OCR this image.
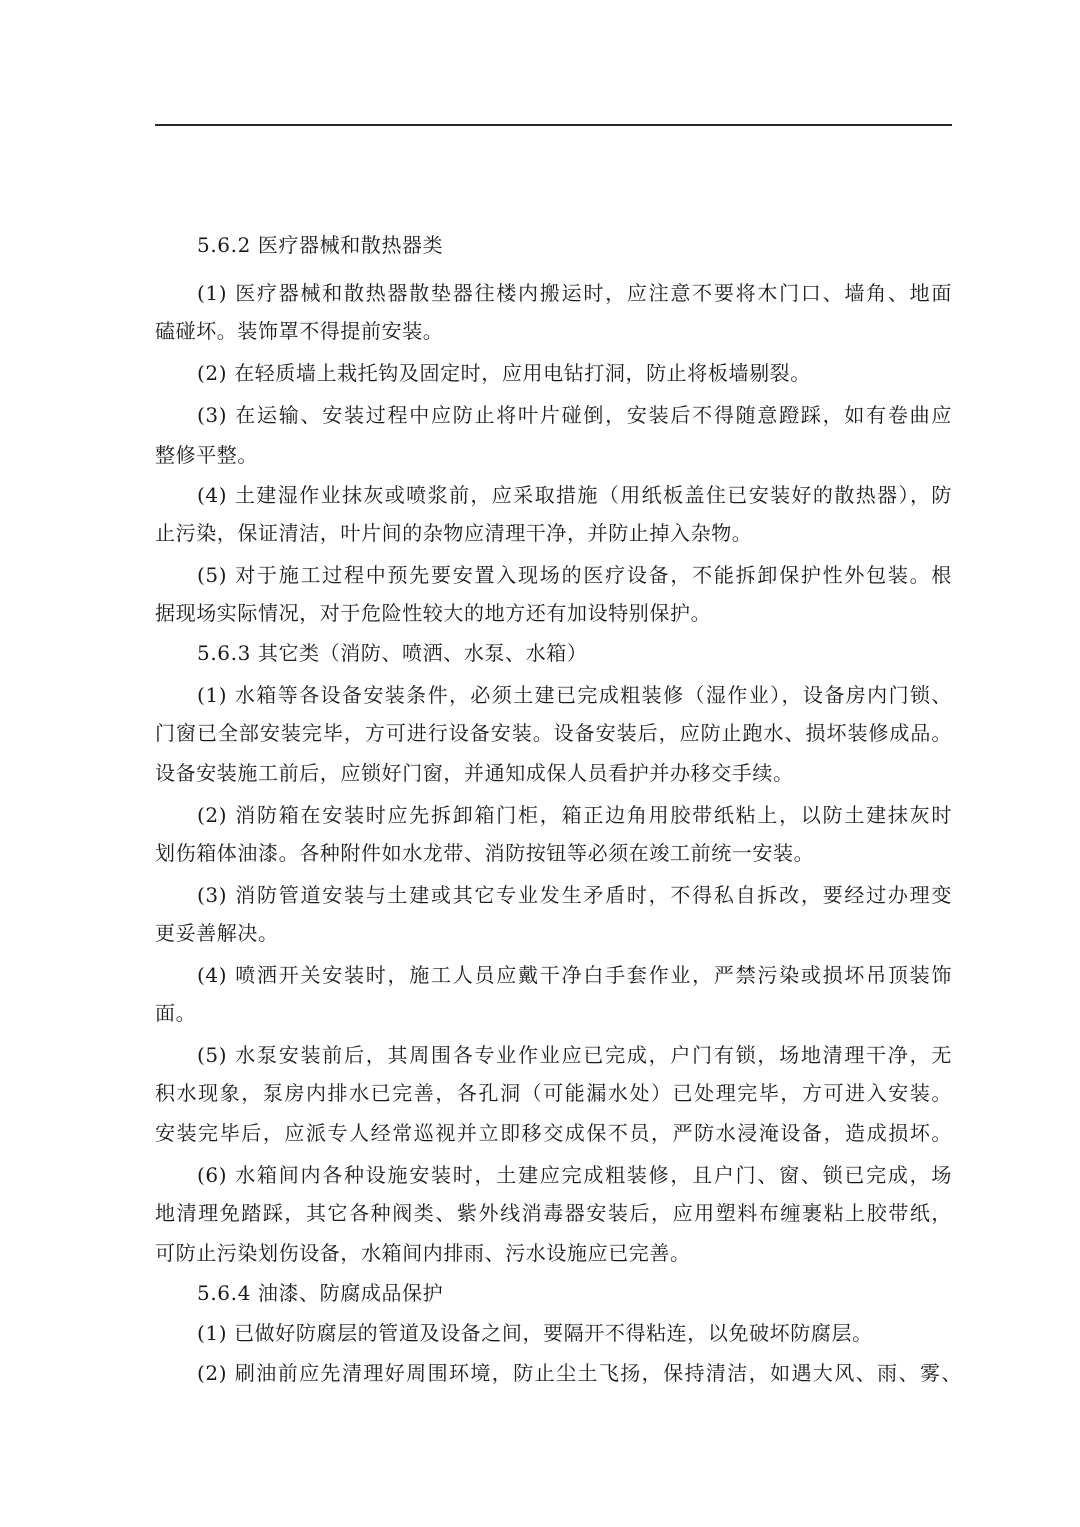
5.6.2 医疗器械和散热器类
(1) 医疗器械和散热器散垫器往楼内搬运时，应注意不要将木门口、墙角、地面
磕碰坏。装饰罩不得提前安装。
(2) 在轻质墙上栽托钩及固定时，应用电钻打洞，防止将板墙剔裂。
(3) 在运输、安装过程中应防止将叶片碰倒，安装后不得随意蹬踩，如有卷曲应
整修平整。
(4) 土建湿作业抹灰或喷浆前，应采取措施（用纸板盖住已安装好的散热器），防
止污染，保证清洁，叶片间的杂物应清理干净，并防止掉入杂物。
(5) 对于施工过程中预先要安置入现场的医疗设备，不能拆卸保护性外包装。根
据现场实际情况，对于危险性较大的地方还有加设特别保护。
5.6.3 其它类（消防、喷洒、水泵、水箱）
(1) 水箱等各设备安装条件，必须土建已完成粗装修（湿作业），设备房内门锁、
门窗已全部安装完毕，方可进行设备安装。设备安装后，应防止跑水、损坏装修成品。
设备安装施工前后，应锁好门窗，并通知成保人员看护并办移交手续。
(2) 消防箱在安装时应先拆卸箱门柜，箱正边角用胶带纸粘上，以防土建抹灰时
划伤箱体油漆。各种附件如水龙带、消防按钮等必须在竣工前统一安装。
(3) 消防管道安装与土建或其它专业发生矛盾时，不得私自拆改，要经过办理变
更妥善解决。
(4) 喷洒开关安装时，施工人员应戴干净白手套作业，严禁污染或损坏吊顶装饰
面。
(5) 水泵安装前后，其周围各专业作业应已完成，户门有锁，场地清理干净，无
积水现象，泵房内排水已完善，各孔洞（可能漏水处）已处理完毕，方可进入安装。
安装完毕后，应派专人经常巡视并立即移交成保不员，严防水浸淹设备，造成损坏。
(6) 水箱间内各种设施安装时，土建应完成粗装修，且户门、窗、锁已完成，场
地清理免踏踩，其它各种阀类、紫外线消毒器安装后，应用塑料布缠裹粘上胶带纸，
可防止污染划伤设备，水箱间内排雨、污水设施应已完善。
5.6.4 油漆、防腐成品保护
(1) 已做好防腐层的管道及设备之间，要隔开不得粘连，以免破坏防腐层。
(2) 刷油前应先清理好周围环境，防止尘土飞扬，保持清洁，如遇大风、雨、雾、
